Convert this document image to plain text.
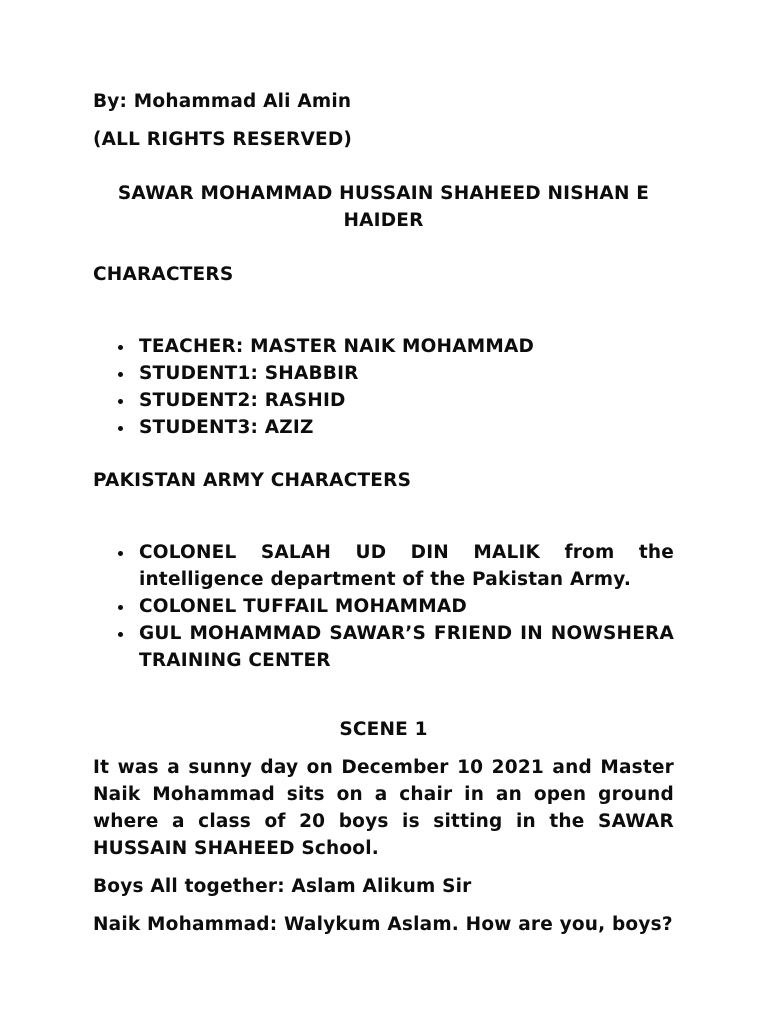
By: Mohammad Ali Amin

(ALL RIGHTS RESERVED)

SAWAR MOHAMMAD HUSSAIN SHAHEED NISHAN E HAIDER

CHARACTERS

TEACHER: MASTER NAIK MOHAMMAD
STUDENT1: SHABBIR
STUDENT2: RASHID
STUDENT3: AZIZ

PAKISTAN ARMY CHARACTERS

COLONEL SALAH UD DIN MALIK from the intelligence department of the Pakistan Army.
COLONEL TUFFAIL MOHAMMAD
GUL MOHAMMAD SAWAR’S FRIEND IN NOWSHERA TRAINING CENTER

SCENE 1

It was a sunny day on December 10 2021 and Master Naik Mohammad sits on a chair in an open ground where a class of 20 boys is sitting in the SAWAR HUSSAIN SHAHEED School.

Boys All together: Aslam Alikum Sir

Naik Mohammad: Walykum Aslam. How are you, boys?
